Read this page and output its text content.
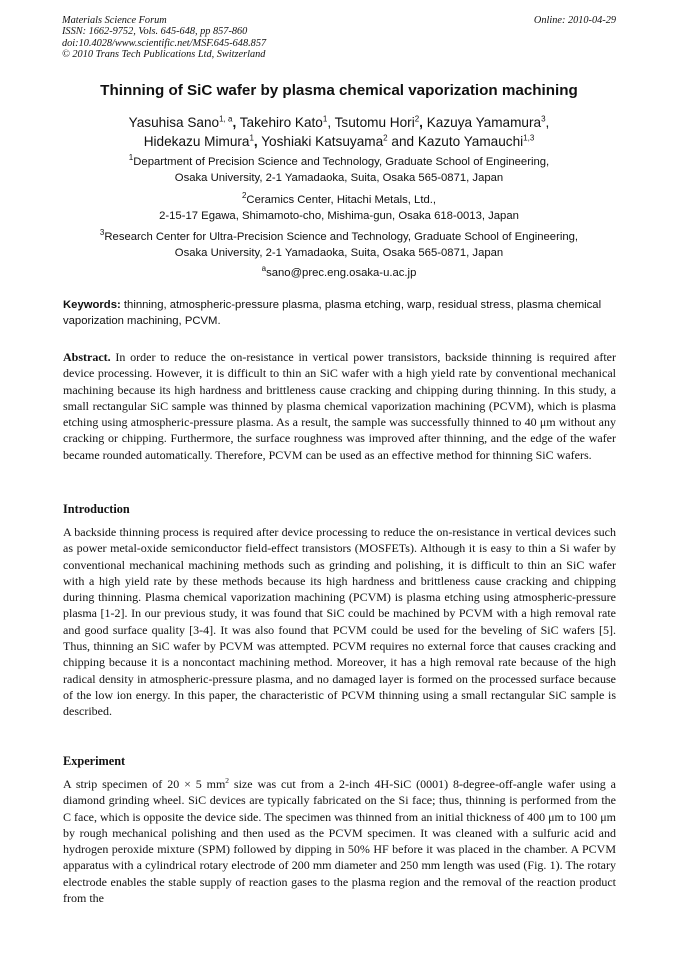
Materials Science Forum
ISSN: 1662-9752, Vols. 645-648, pp 857-860
doi:10.4028/www.scientific.net/MSF.645-648.857
© 2010 Trans Tech Publications Ltd, Switzerland
Online: 2010-04-29
Thinning of SiC wafer by plasma chemical vaporization machining
Yasuhisa Sano$^{1, a}$, Takehiro Kato$^1$, Tsutomu Hori$^2$, Kazuya Yamamura$^3$,
Hidekazu Mimura$^1$, Yoshiaki Katsuyama$^2$ and Kazuto Yamauchi$^{1,3}$
$^1$Department of Precision Science and Technology, Graduate School of Engineering,
Osaka University, 2-1 Yamadaoka, Suita, Osaka 565-0871, Japan
$^2$Ceramics Center, Hitachi Metals, Ltd.,
2-15-17 Egawa, Shimamoto-cho, Mishima-gun, Osaka 618-0013, Japan
$^3$Research Center for Ultra-Precision Science and Technology, Graduate School of Engineering,
Osaka University, 2-1 Yamadaoka, Suita, Osaka 565-0871, Japan
$^a$sano@prec.eng.osaka-u.ac.jp
Keywords: thinning, atmospheric-pressure plasma, plasma etching, warp, residual stress, plasma chemical vaporization machining, PCVM.
Abstract. In order to reduce the on-resistance in vertical power transistors, backside thinning is required after device processing. However, it is difficult to thin an SiC wafer with a high yield rate by conventional mechanical machining because its high hardness and brittleness cause cracking and chipping during thinning. In this study, a small rectangular SiC sample was thinned by plasma chemical vaporization machining (PCVM), which is plasma etching using atmospheric-pressure plasma. As a result, the sample was successfully thinned to 40 μm without any cracking or chipping. Furthermore, the surface roughness was improved after thinning, and the edge of the wafer became rounded automatically. Therefore, PCVM can be used as an effective method for thinning SiC wafers.
Introduction
A backside thinning process is required after device processing to reduce the on-resistance in vertical devices such as power metal-oxide semiconductor field-effect transistors (MOSFETs). Although it is easy to thin a Si wafer by conventional mechanical machining methods such as grinding and polishing, it is difficult to thin an SiC wafer with a high yield rate by these methods because its high hardness and brittleness cause cracking and chipping during thinning. Plasma chemical vaporization machining (PCVM) is plasma etching using atmospheric-pressure plasma [1-2]. In our previous study, it was found that SiC could be machined by PCVM with a high removal rate and good surface quality [3-4]. It was also found that PCVM could be used for the beveling of SiC wafers [5]. Thus, thinning an SiC wafer by PCVM was attempted. PCVM requires no external force that causes cracking and chipping because it is a noncontact machining method. Moreover, it has a high removal rate because of the high radical density in atmospheric-pressure plasma, and no damaged layer is formed on the processed surface because of the low ion energy. In this paper, the characteristic of PCVM thinning using a small rectangular SiC sample is described.
Experiment
A strip specimen of 20 × 5 $mm^2$ size was cut from a 2-inch 4H-SiC (0001) 8-degree-off-angle wafer using a diamond grinding wheel. SiC devices are typically fabricated on the Si face; thus, thinning is performed from the C face, which is opposite the device side. The specimen was thinned from an initial thickness of 400 μm to 100 μm by rough mechanical polishing and then used as the PCVM specimen. It was cleaned with a sulfuric acid and hydrogen peroxide mixture (SPM) followed by dipping in 50% HF before it was placed in the chamber. A PCVM apparatus with a cylindrical rotary electrode of 200 mm diameter and 250 mm length was used (Fig. 1). The rotary electrode enables the stable supply of reaction gases to the plasma region and the removal of the reaction product from the
